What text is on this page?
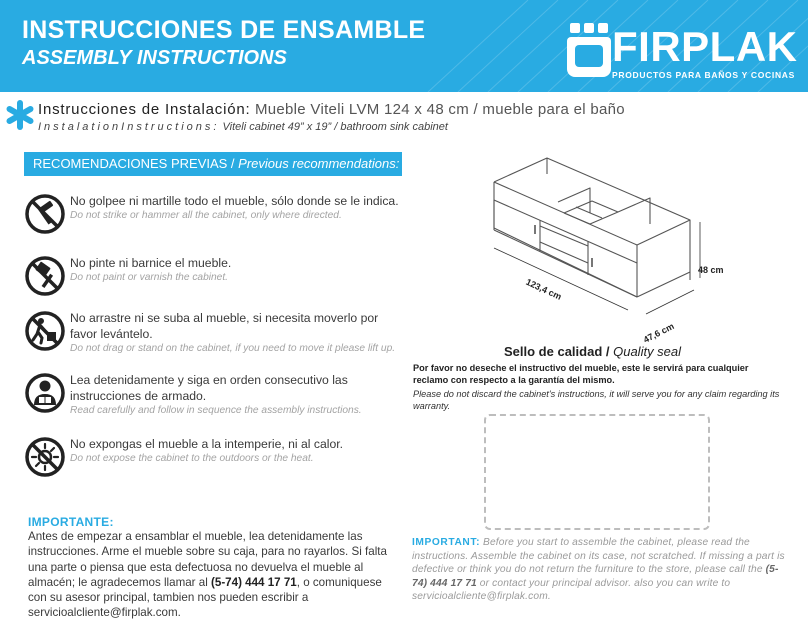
INSTRUCCIONES DE ENSAMBLE
ASSEMBLY INSTRUCTIONS	FIRPLAK
PRODUCTOS PARA BAÑOS Y COCINAS
Instrucciones de Instalación: Mueble Viteli LVM 124 x 48 cm / mueble para el baño
InstalationInstructions: Viteli cabinet 49” x 19” / bathroom sink cabinet
RECOMENDACIONES PREVIAS / Previous recommendations:
No golpee ni martille todo el mueble, sólo donde se le indica.
Do not strike or hammer all the cabinet, only where directed.
No pinte ni barnice el mueble.
Do not paint or varnish the cabinet.
No arrastre ni se suba al mueble, si necesita moverlo por favor levántelo.
Do not drag or stand on the cabinet, if you need to move it please lift up.
Lea detenidamente y siga en orden consecutivo las instrucciones de armado.
Read carefully and follow in sequence the assembly instructions.
No expongas el mueble a la intemperie, ni al calor.
Do not expose the cabinet to the outdoors or the heat.
IMPORTANTE:
Antes de empezar a ensamblar el mueble, lea detenidamente las instrucciones. Arme el mueble sobre su caja, para no rayarlos. Si falta una parte o piensa que esta defectuosa no devuelva el mueble al almacén; le agradecemos llamar al (5-74) 444 17 71, o comuniquese con su asesor principal, tambien nos pueden escribir a servicioalcliente@firplak.com.
123,4 cm
48 cm
47,6 cm
Sello de calidad / Quality seal
Por favor no deseche el instructivo del mueble, este le servirá para cualquier reclamo con respecto a la garantía del mismo.
Please do not discard the cabinet's instructions, it will serve you for any claim regarding its warranty.
IMPORTANT: Before you start to assemble the cabinet, please read the instructions. Assemble the cabinet on its case, not scratched. If missing a part is defective or think you do not return the furniture to the store, please call the (5-74) 444 17 71 or contact your principal advisor. also you can write to servicioalcliente@firplak.com.
